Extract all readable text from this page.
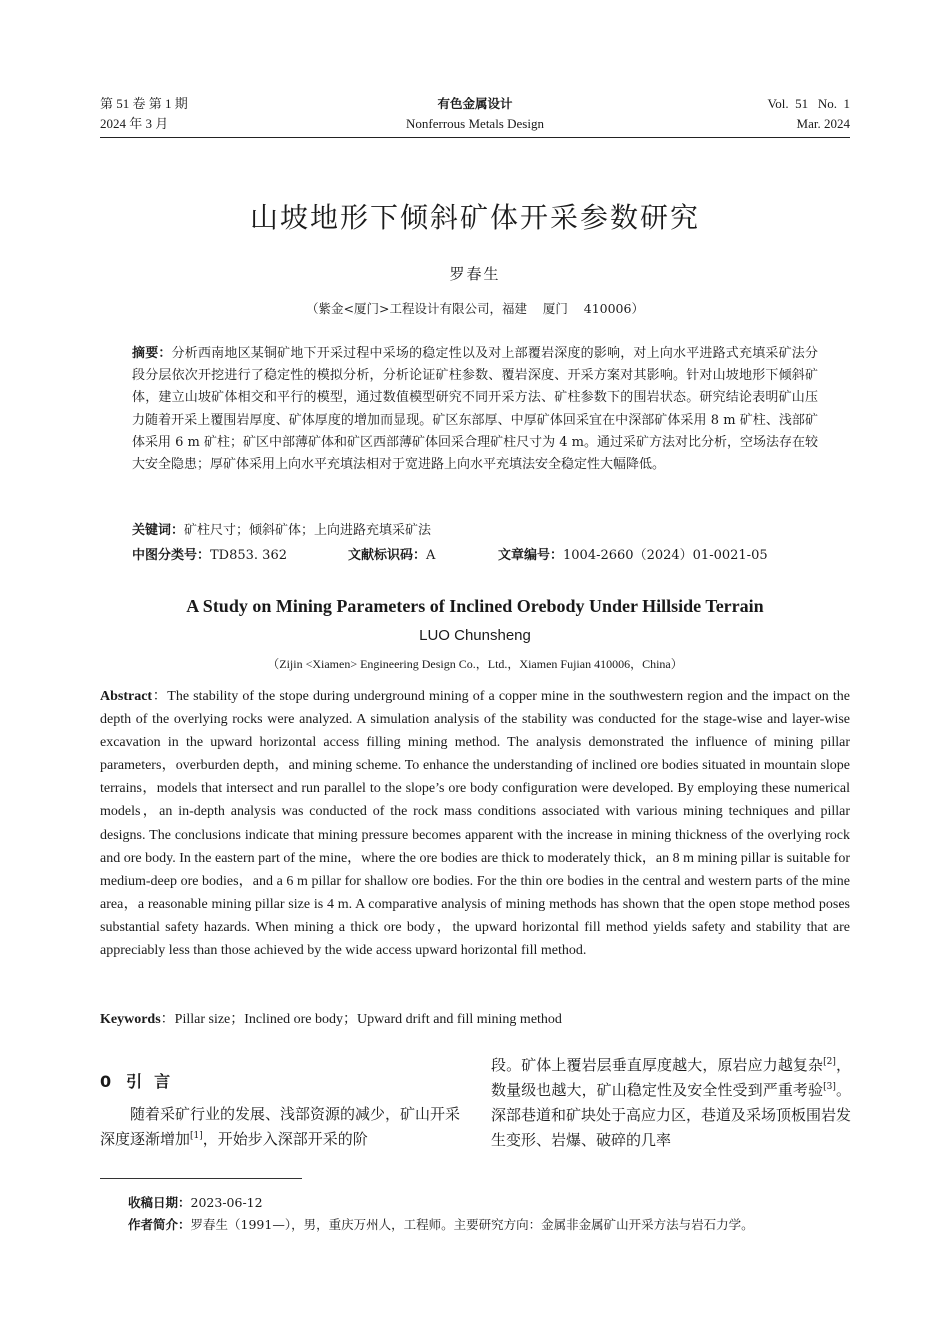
第 51 卷 第 1 期
2024 年 3 月
有色金属设计
Nonferrous Metals Design
Vol.  51   No.  1
Mar. 2024
山坡地形下倾斜矿体开采参数研究
罗春生
（紫金<厦门>工程设计有限公司，福建    厦门    410006）
摘要：分析西南地区某铜矿地下开采过程中采场的稳定性以及对上部覆岩深度的影响，对上向水平进路式充填采矿法分段分层依次开挖进行了稳定性的模拟分析，分析论证矿柱参数、覆岩深度、开采方案对其影响。针对山坡地形下倾斜矿体，建立山坡矿体相交和平行的模型，通过数值模型研究不同开采方法、矿柱参数下的围岩状态。研究结论表明矿山压力随着开采上覆围岩厚度、矿体厚度的增加而显现。矿区东部厚、中厚矿体回采宜在中深部矿体采用 8 m 矿柱、浅部矿体采用 6 m 矿柱；矿区中部薄矿体和矿区西部薄矿体回采合理矿柱尺寸为 4 m。通过采矿方法对比分析，空场法存在较大安全隐患；厚矿体采用上向水平充填法相对于宽进路上向水平充填法安全稳定性大幅降低。
关键词：矿柱尺寸；倾斜矿体；上向进路充填采矿法
中图分类号：TD853. 362	文献标识码：A	文章编号：1004-2660（2024）01-0021-05
A Study on Mining Parameters of Inclined Orebody Under Hillside Terrain
LUO Chunsheng
（Zijin <Xiamen> Engineering Design Co.，Ltd.，Xiamen Fujian 410006，China）
Abstract：The stability of the stope during underground mining of a copper mine in the southwestern region and the impact on the depth of the overlying rocks were analyzed. A simulation analysis of the stability was conducted for the stage-wise and layer-wise excavation in the upward horizontal access filling mining method. The analysis demonstrated the influence of mining pillar parameters，overburden depth，and mining scheme. To enhance the understanding of inclined ore bodies situated in mountain slope terrains，models that intersect and run parallel to the slope’s ore body configuration were developed. By employing these numerical models，an in-depth analysis was conducted of the rock mass conditions associated with various mining techniques and pillar designs. The conclusions indicate that mining pressure becomes apparent with the increase in mining thickness of the overlying rock and ore body. In the eastern part of the mine，where the ore bodies are thick to moderately thick，an 8 m mining pillar is suitable for medium-deep ore bodies，and a 6 m pillar for shallow ore bodies. For the thin ore bodies in the central and western parts of the mine area，a reasonable mining pillar size is 4 m. A comparative analysis of mining methods has shown that the open stope method poses substantial safety hazards. When mining a thick ore body，the upward horizontal fill method yields safety and stability that are appreciably less than those achieved by the wide access upward horizontal fill method.
Keywords：Pillar size；Inclined ore body；Upward drift and fill mining method
0 引言

随着采矿行业的发展、浅部资源的减少，矿山开采深度逐渐增加[1]，开始步入深部开采的阶

段。矿体上覆岩层垂直厚度越大，原岩应力越复杂[2]，数量级也越大，矿山稳定性及安全性受到严重考验[3]。深部巷道和矿块处于高应力区，巷道及采场顶板围岩发生变形、岩爆、破碎的几率
收稿日期：2023-06-12
作者简介：罗春生（1991—），男，重庆万州人，工程师。主要研究方向：金属非金属矿山开采方法与岩石力学。
